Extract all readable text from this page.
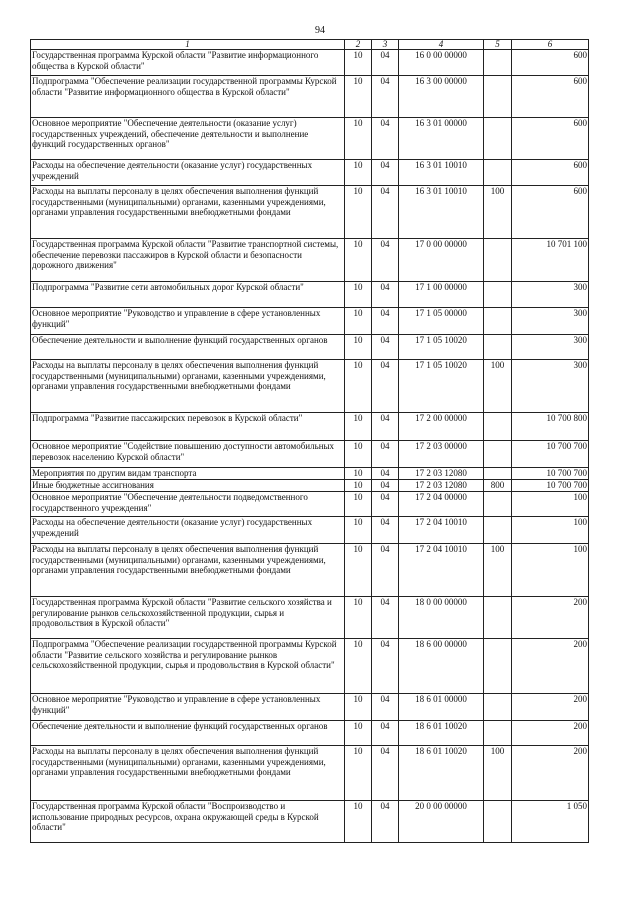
94
1	2	3	4	5	6
Государственная программа Курской области "Развитие информационного общества в Курской области"	10	04	16 0 00 00000		600
Подпрограмма "Обеспечение реализации государственной программы Курской области "Развитие информационного общества в Курской области"	10	04	16 3 00 00000		600
Основное мероприятие "Обеспечение деятельности (оказание услуг) государственных учреждений, обеспечение деятельности и выполнение функций государственных органов"	10	04	16 3 01 00000		600
Расходы на обеспечение деятельности (оказание услуг) государственных учреждений	10	04	16 3 01 10010		600
Расходы на выплаты персоналу в целях обеспечения выполнения функций государственными (муниципальными) органами, казенными учреждениями, органами управления государственными внебюджетными фондами	10	04	16 3 01 10010	100	600
Государственная программа Курской области "Развитие транспортной системы, обеспечение перевозки пассажиров в Курской области и безопасности дорожного движения"	10	04	17 0 00 00000		10 701 100
Подпрограмма "Развитие сети автомобильных дорог Курской области"	10	04	17 1 00 00000		300
Основное мероприятие "Руководство и управление в сфере установленных функций"	10	04	17 1 05 00000		300
Обеспечение деятельности и выполнение функций государственных органов	10	04	17 1 05 10020		300
Расходы на выплаты персоналу в целях обеспечения выполнения функций государственными (муниципальными) органами, казенными учреждениями, органами управления государственными внебюджетными фондами	10	04	17 1 05 10020	100	300
Подпрограмма "Развитие пассажирских перевозок в Курской области"	10	04	17 2 00 00000		10 700 800
Основное мероприятие "Содействие повышению доступности автомобильных перевозок населению Курской области"	10	04	17 2 03 00000		10 700 700
Мероприятия по другим видам транспорта	10	04	17 2 03 12080		10 700 700
Иные бюджетные ассигнования	10	04	17 2 03 12080	800	10 700 700
Основное мероприятие "Обеспечение деятельности подведомственного государственного учреждения"	10	04	17 2 04 00000		100
Расходы на обеспечение деятельности (оказание услуг) государственных учреждений	10	04	17 2 04 10010		100
Расходы на выплаты персоналу в целях обеспечения выполнения функций государственными (муниципальными) органами, казенными учреждениями, органами управления государственными внебюджетными фондами	10	04	17 2 04 10010	100	100
Государственная программа Курской области "Развитие сельского хозяйства и регулирование рынков сельскохозяйственной продукции, сырья и продовольствия в Курской области"	10	04	18 0 00 00000		200
Подпрограмма "Обеспечение реализации государственной программы Курской области "Развитие сельского хозяйства и регулирование рынков сельскохозяйственной продукции, сырья и продовольствия в Курской области"	10	04	18 6 00 00000		200
Основное мероприятие "Руководство и управление в сфере установленных функций"	10	04	18 6 01 00000		200
Обеспечение деятельности и выполнение функций государственных органов	10	04	18 6 01 10020		200
Расходы на выплаты персоналу в целях обеспечения выполнения функций государственными (муниципальными) органами, казенными учреждениями, органами управления государственными внебюджетными фондами	10	04	18 6 01 10020	100	200
Государственная программа Курской области "Воспроизводство и использование природных ресурсов, охрана окружающей среды в Курской области"	10	04	20 0 00 00000		1 050
